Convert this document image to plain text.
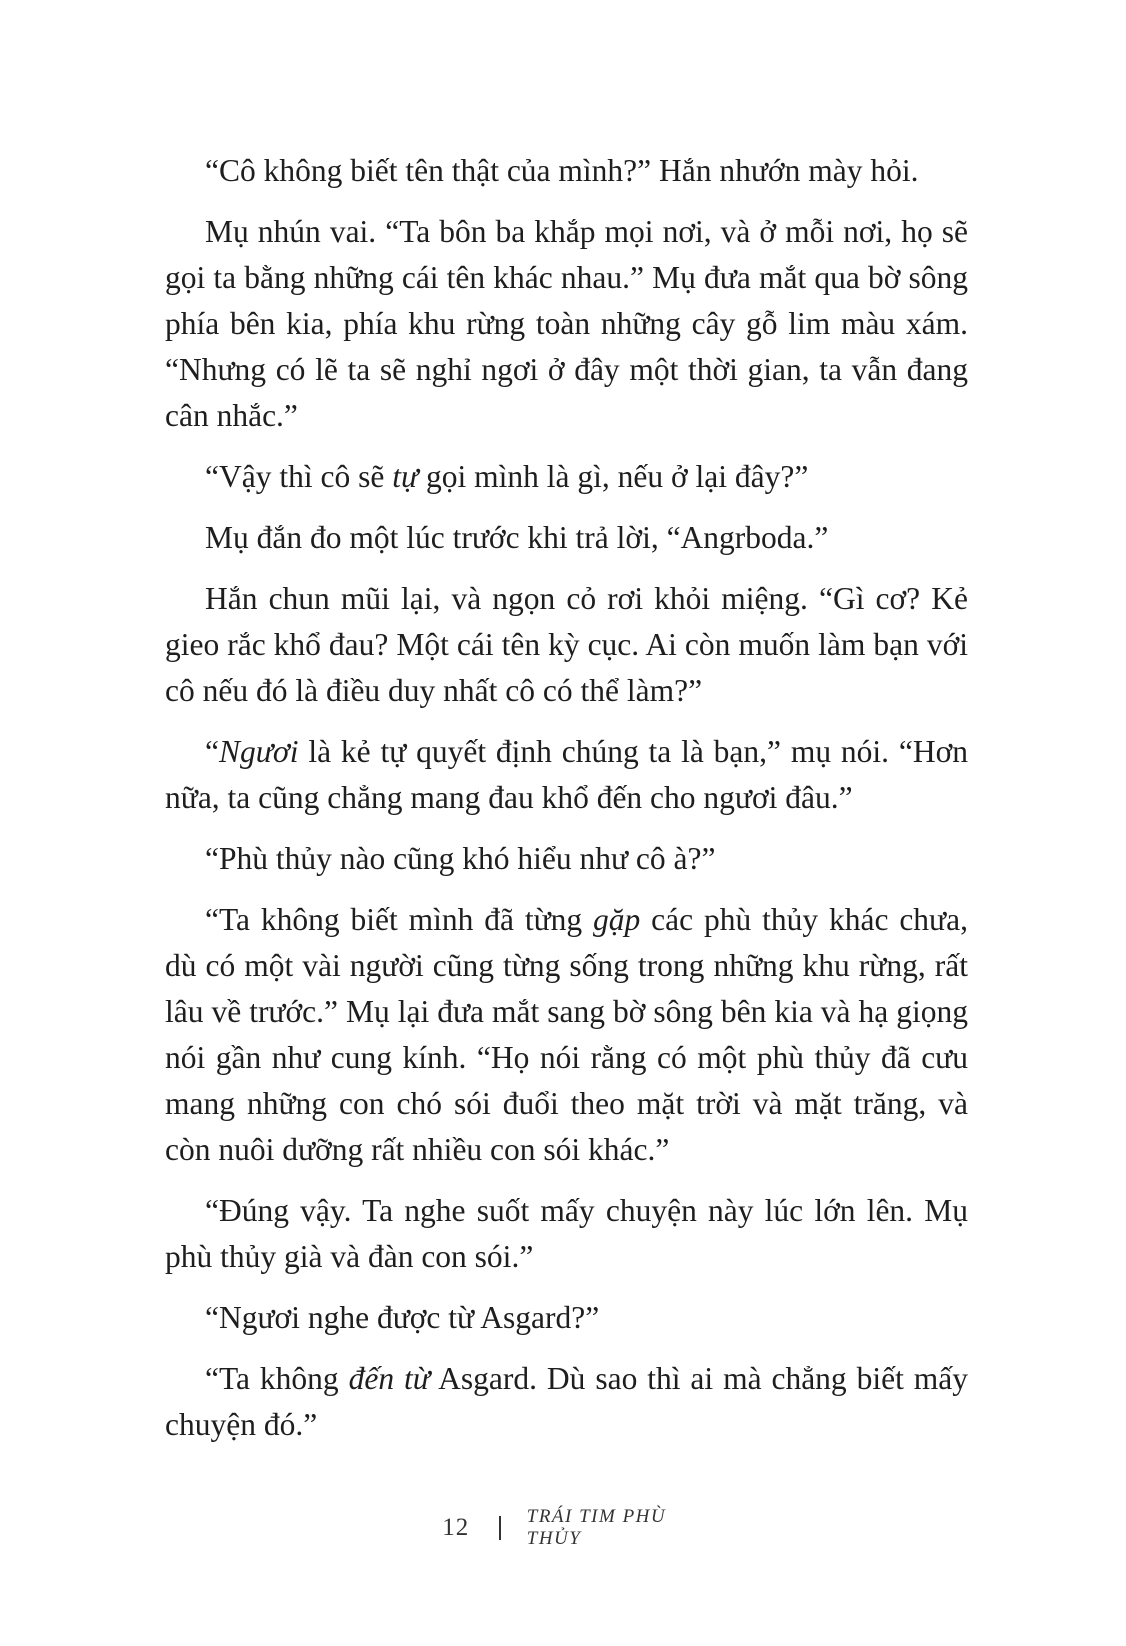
“Cô không biết tên thật của mình?” Hắn nhướn mày hỏi.

Mụ nhún vai. “Ta bôn ba khắp mọi nơi, và ở mỗi nơi, họ sẽ gọi ta bằng những cái tên khác nhau.” Mụ đưa mắt qua bờ sông phía bên kia, phía khu rừng toàn những cây gỗ lim màu xám. “Nhưng có lẽ ta sẽ nghỉ ngơi ở đây một thời gian, ta vẫn đang cân nhắc.”

“Vậy thì cô sẽ tự gọi mình là gì, nếu ở lại đây?”

Mụ đắn đo một lúc trước khi trả lời, “Angrboda.”

Hắn chun mũi lại, và ngọn cỏ rơi khỏi miệng. “Gì cơ? Kẻ gieo rắc khổ đau? Một cái tên kỳ cục. Ai còn muốn làm bạn với cô nếu đó là điều duy nhất cô có thể làm?”

“Ngươi là kẻ tự quyết định chúng ta là bạn,” mụ nói. “Hơn nữa, ta cũng chẳng mang đau khổ đến cho ngươi đâu.”

“Phù thủy nào cũng khó hiểu như cô à?”

“Ta không biết mình đã từng gặp các phù thủy khác chưa, dù có một vài người cũng từng sống trong những khu rừng, rất lâu về trước.” Mụ lại đưa mắt sang bờ sông bên kia và hạ giọng nói gần như cung kính. “Họ nói rằng có một phù thủy đã cưu mang những con chó sói đuổi theo mặt trời và mặt trăng, và còn nuôi dưỡng rất nhiều con sói khác.”

“Đúng vậy. Ta nghe suốt mấy chuyện này lúc lớn lên. Mụ phù thủy già và đàn con sói.”

“Ngươi nghe được từ Asgard?”

“Ta không đến từ Asgard. Dù sao thì ai mà chẳng biết mấy chuyện đó.”

12	TRÁI TIM PHÙ THỦY
